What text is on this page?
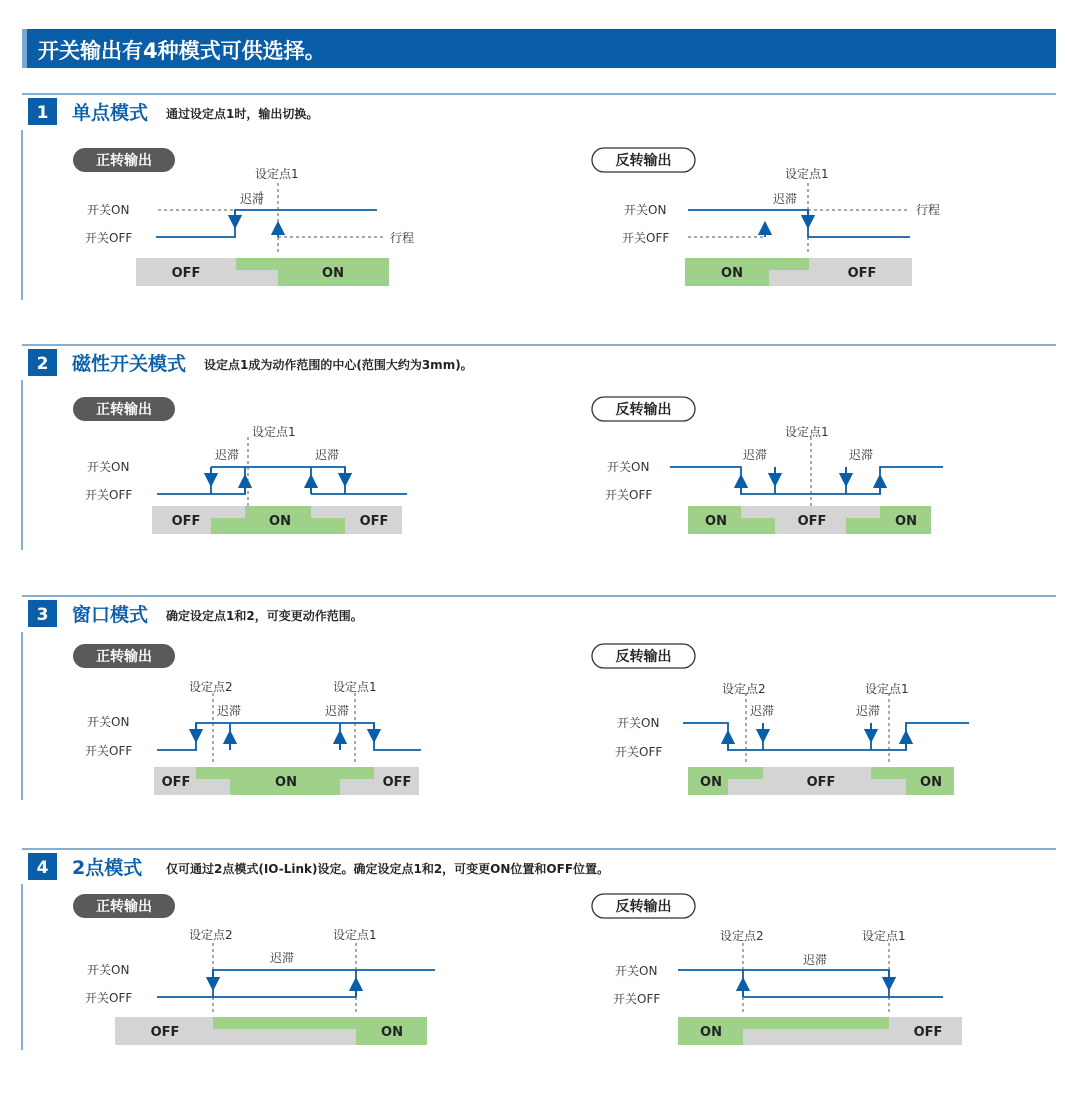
开关输出有4种模式可供选择。
1 单点模式 通过设定点1时，输出切换。
正转输出	反转输出
开关ON
开关OFF	行程
设定点1
迟滞
OFF	ON
开关ON
开关OFF
行程
设定点1
迟滞
ON	OFF
2 磁性开关模式 设定点1成为动作范围的中心(范围大约为3mm)。
正转输出	反转输出
开关ON
开关OFF
设定点1
迟滞	迟滞
OFF	ON	OFF
开关ON
开关OFF
设定点1
迟滞	迟滞
ON	OFF	ON
3 窗口模式 确定设定点1和2，可变更动作范围。
正转输出	反转输出
开关ON
开关OFF
设定点2	设定点1
迟滞	迟滞
OFF	ON	OFF
开关ON
开关OFF
设定点2	设定点1
迟滞	迟滞
ON	OFF	ON
4 2点模式 仅可通过2点模式(IO-Link)设定。确定设定点1和2，可变更ON位置和OFF位置。
正转输出	反转输出
开关ON
开关OFF
设定点2	设定点1
迟滞
OFF	ON
开关ON
开关OFF
设定点2	设定点1
迟滞
ON	OFF
